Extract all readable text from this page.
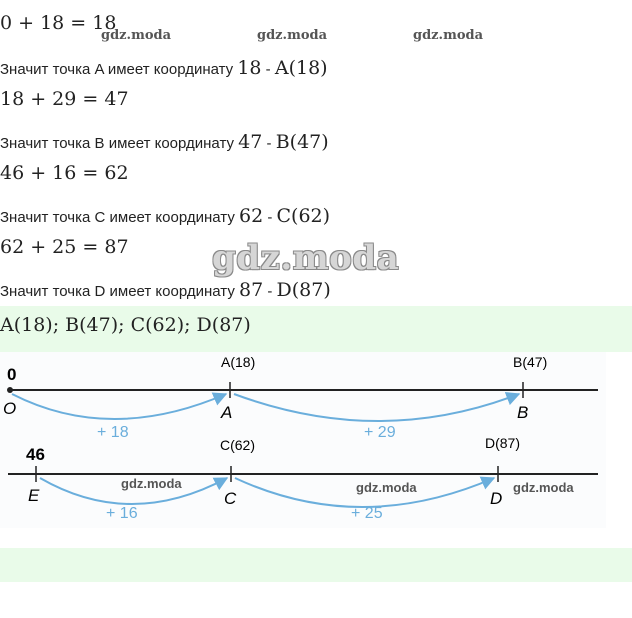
0 + 18 = 18
gdz.moda	gdz.moda	gdz.moda
Значит точка A имеет координату 18 - A(18)
18 + 29 = 47
Значит точка B имеет координату 47 - B(47)
46 + 16 = 62
Значит точка C имеет координату 62 - C(62)
62 + 25 = 87 gdz.moda
Значит точка D имеет координату 87 - D(87)
A(18); B(47); C(62); D(87)
0
O	A	B
A(18)	B(47)
+ 18	+ 29
46
E	C	D
C(62)	D(87)
+ 16	+ 25
gdz.moda	gdz.moda	gdz.moda
